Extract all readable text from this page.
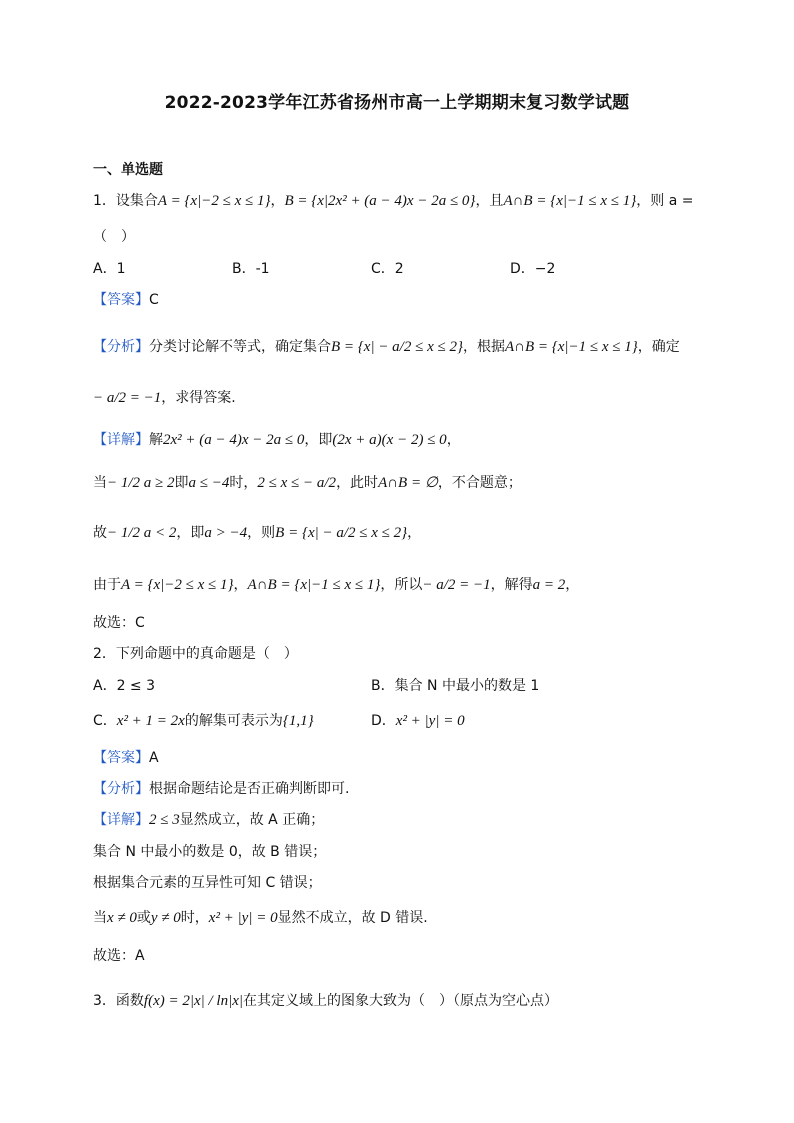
2022-2023学年江苏省扬州市高一上学期期末复习数学试题
一、单选题
1．设集合A = {x|−2 ≤ x ≤ 1}，B = {x|2x² + (a − 4)x − 2a ≤ 0}，且A∩B = {x|−1 ≤ x ≤ 1}，则 a =
（　）
A．1	B．-1	C．2	D．−2
【答案】C
【分析】分类讨论解不等式，确定集合B = {x| − a/2 ≤ x ≤ 2}，根据A∩B = {x|−1 ≤ x ≤ 1}，确定
− a/2 = −1，求得答案.
【详解】解2x² + (a − 4)x − 2a ≤ 0，即(2x + a)(x − 2) ≤ 0，
当− 1/2 a ≥ 2即a ≤ −4时，2 ≤ x ≤ − a/2，此时A∩B = ∅，不合题意；
故− 1/2 a < 2，即a > −4，则B = {x| − a/2 ≤ x ≤ 2}，
由于A = {x|−2 ≤ x ≤ 1}，A∩B = {x|−1 ≤ x ≤ 1}，所以− a/2 = −1，解得a = 2，
故选：C
2．下列命题中的真命题是（　）
A．2 ≤ 3	B．集合 N 中最小的数是 1
C．x² + 1 = 2x的解集可表示为{1,1}	D．x² + |y| = 0
【答案】A
【分析】根据命题结论是否正确判断即可.
【详解】2 ≤ 3显然成立，故 A 正确；
集合 N 中最小的数是 0，故 B 错误；
根据集合元素的互异性可知 C 错误；
当x ≠ 0或y ≠ 0时，x² + |y| = 0显然不成立，故 D 错误.
故选：A
3．函数f(x) = 2|x| / ln|x|在其定义域上的图象大致为（　）（原点为空心点）
